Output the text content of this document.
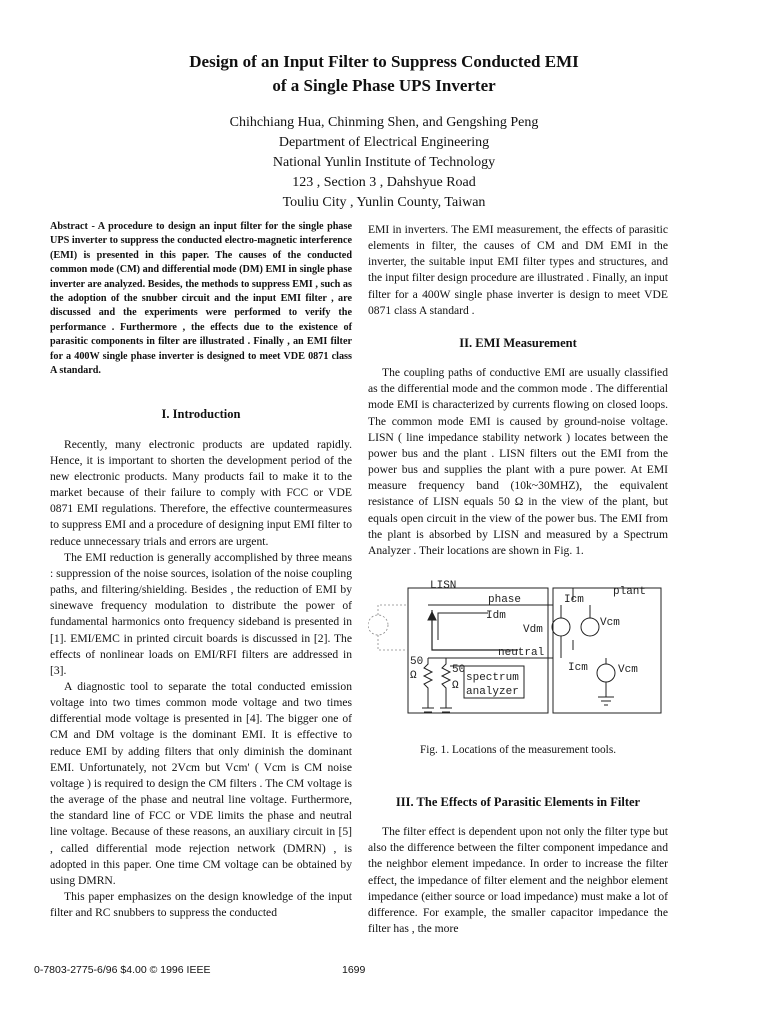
Design of an Input Filter to Suppress Conducted EMI
of a Single Phase UPS Inverter
Chihchiang Hua, Chinming Shen, and Gengshing Peng
Department of Electrical Engineering
National Yunlin Institute of Technology
123 , Section 3 , Dahshyue Road
Touliu City , Yunlin County, Taiwan

Abstract - A procedure to design an input filter for the single phase UPS inverter to suppress the conducted electro-magnetic interference (EMI) is presented in this paper. The causes of the conducted common mode (CM) and differential mode (DM) EMI in single phase inverter are analyzed. Besides, the methods to suppress EMI , such as the adoption of the snubber circuit and the input EMI filter , are discussed and the experiments were performed to verify the performance . Furthermore , the effects due to the existence of parasitic components in filter are illustrated . Finally , an EMI filter for a 400W single phase inverter is designed to meet VDE 0871 class A standard.

I. Introduction

Recently, many electronic products are updated rapidly. Hence, it is important to shorten the development period of the new electronic products. Many products fail to make it to the market because of their failure to comply with FCC or VDE 0871 EMI regulations. Therefore, the effective countermeasures to suppress EMI and a procedure of designing input EMI filter to reduce unnecessary trials and errors are urgent.

The EMI reduction is generally accomplished by three means : suppression of the noise sources, isolation of the noise coupling paths, and filtering/shielding. Besides , the reduction of EMI by sinewave frequency modulation to distribute the power of fundamental harmonics onto frequency sideband is presented in [1]. EMI/EMC in printed circuit boards is discussed in [2]. The effects of nonlinear loads on EMI/RFI filters are addressed in [3].

A diagnostic tool to separate the total conducted emission voltage into two times common mode voltage and two times differential mode voltage is presented in [4]. The bigger one of CM and DM voltage is the dominant EMI. It is effective to reduce EMI by adding filters that only diminish the dominant EMI. Unfortunately, not 2Vcm but Vcm' ( Vcm is CM noise voltage ) is required to design the CM filters . The CM voltage is the average of the phase and neutral line voltage. Furthermore, the standard line of FCC or VDE limits the phase and neutral line voltage. Because of these reasons, an auxiliary circuit in [5] , called differential mode rejection network (DMRN) , is adopted in this paper. One time CM voltage can be obtained by using DMRN.

This paper emphasizes on the design knowledge of the input filter and RC snubbers to suppress the conducted

EMI in inverters. The EMI measurement, the effects of parasitic elements in filter, the causes of CM and DM EMI in the inverter, the suitable input EMI filter types and structures, and the input filter design procedure are illustrated . Finally, an input filter for a 400W single phase inverter is design to meet VDE 0871 class A standard .

II. EMI Measurement

The coupling paths of conductive EMI are usually classified as the differential mode and the common mode . The differential mode EMI is characterized by currents flowing on closed loops. The common mode EMI is caused by ground-noise voltage. LISN ( line impedance stability network ) locates between the power bus and the plant . LISN filters out the EMI from the power bus and supplies the plant with a pure power. At EMI measure frequency band (10k~30MHZ), the equivalent resistance of LISN equals 50 Ω in the view of the plant, but equals open circuit in the view of the power bus. The EMI from the plant is absorbed by LISN and measured by a Spectrum Analyzer . Their locations are shown in Fig. 1.

LISN
phase
plant
Icm
Idm
Vdm
Vcm
neutral
Icm	Vcm
50
Ω	50
Ω
spectrum
analyzer
Fig. 1. Locations of the measurement tools.

III. The Effects of Parasitic Elements in Filter

The filter effect is dependent upon not only the filter type but also the difference between the filter component impedance and the neighbor element impedance. In order to increase the filter effect, the impedance of filter element and the neighbor element impedance (either source or load impedance) must make a lot of difference. For example, the smaller capacitor impedance the filter has , the more

0-7803-2775-6/96 $4.00 © 1996 IEEE	1699
